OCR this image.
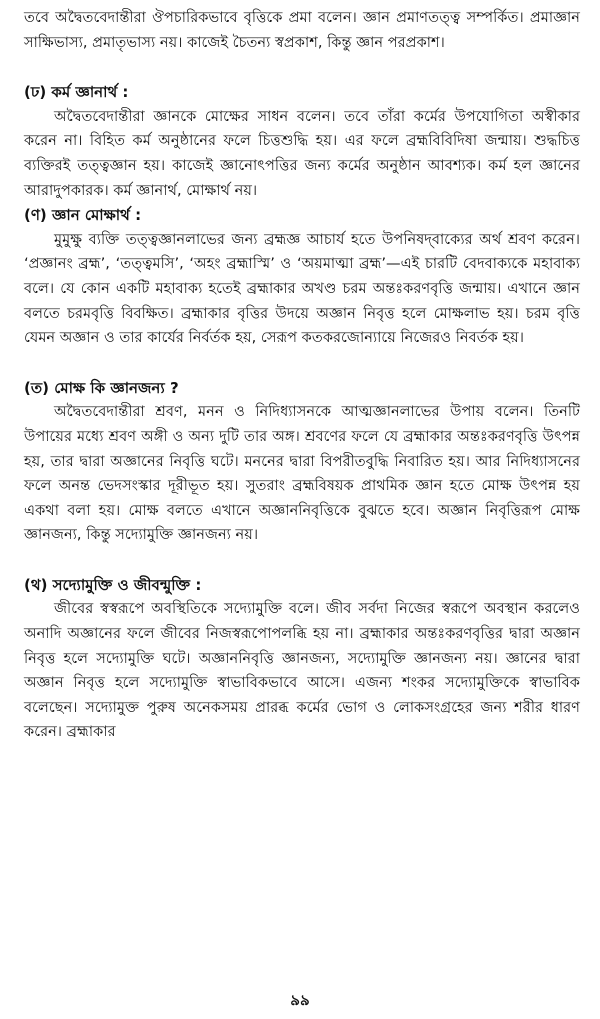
তবে অদ্বৈতবেদান্তীরা ঔপচারিকভাবে বৃত্তিকে প্রমা বলেন। জ্ঞান প্রমাণতত্ত্ব সম্পর্কিত। প্রমাজ্ঞান সাক্ষিভাস্য, প্রমাতৃভাস্য নয়। কাজেই চৈতন্য স্বপ্রকাশ, কিন্তু জ্ঞান পরপ্রকাশ।

(ঢ) কর্ম জ্ঞানার্থ :

অদ্বৈতবেদান্তীরা জ্ঞানকে মোক্ষের সাধন বলেন। তবে তাঁরা কর্মের উপযোগিতা অস্বীকার করেন না। বিহিত কর্ম অনুষ্ঠানের ফলে চিত্তশুদ্ধি হয়। এর ফলে ব্রহ্মবিবিদিষা জন্মায়। শুদ্ধচিত্ত ব্যক্তিরই তত্ত্বজ্ঞান হয়। কাজেই জ্ঞানোৎপত্তির জন্য কর্মের অনুষ্ঠান আবশ্যক। কর্ম হল জ্ঞানের আরাদুপকারক। কর্ম জ্ঞানার্থ, মোক্ষার্থ নয়।

(ণ) জ্ঞান মোক্ষার্থ :

মুমুক্ষু ব্যক্তি তত্ত্বজ্ঞানলাভের জন্য ব্রহ্মজ্ঞ আচার্য হতে উপনিষদ্‌বাক্যের অর্থ শ্রবণ করেন। ‘প্রজ্ঞানং ব্রহ্ম’, ‘তত্ত্বমসি’, ‘অহং ব্রহ্মাস্মি’ ও ‘অয়মাত্মা ব্রহ্ম’—এই চারটি বেদবাক্যকে মহাবাক্য বলে। যে কোন একটি মহাবাক্য হতেই ব্রহ্মাকার অখণ্ড চরম অন্তঃকরণবৃত্তি জন্মায়। এখানে জ্ঞান বলতে চরমবৃত্তি বিবক্ষিত। ব্রহ্মাকার বৃত্তির উদয়ে অজ্ঞান নিবৃত্ত হলে মোক্ষলাভ হয়। চরম বৃত্তি যেমন অজ্ঞান ও তার কার্যের নির্বর্তক হয়, সেরূপ কতকরজোন্যায়ে নিজেরও নিবর্তক হয়।

(ত) মোক্ষ কি জ্ঞানজন্য ?

অদ্বৈতবেদান্তীরা শ্রবণ, মনন ও নিদিধ্যাসনকে আত্মজ্ঞানলাভের উপায় বলেন। তিনটি উপায়ের মধ্যে শ্রবণ অঙ্গী ও অন্য দুটি তার অঙ্গ। শ্রবণের ফলে যে ব্রহ্মাকার অন্তঃকরণবৃত্তি উৎপন্ন হয়, তার দ্বারা অজ্ঞানের নিবৃত্তি ঘটে। মননের দ্বারা বিপরীতবুদ্ধি নিবারিত হয়। আর নিদিধ্যাসনের ফলে অনন্ত ভেদসংস্কার দূরীভূত হয়। সুতরাং ব্রহ্মবিষয়ক প্রাথমিক জ্ঞান হতে মোক্ষ উৎপন্ন হয় একথা বলা হয়। মোক্ষ বলতে এখানে অজ্ঞাননিবৃত্তিকে বুঝতে হবে। অজ্ঞান নিবৃত্তিরূপ মোক্ষ জ্ঞানজন্য, কিন্তু সদ্যোমুক্তি জ্ঞানজন্য নয়।

(থ) সদ্যোমুক্তি ও জীবন্মুক্তি :

জীবের স্বস্বরূপে অবস্থিতিকে সদ্যোমুক্তি বলে। জীব সর্বদা নিজের স্বরূপে অবস্থান করলেও অনাদি অজ্ঞানের ফলে জীবের নিজস্বরূপোপলব্ধি হয় না। ব্রহ্মাকার অন্তঃকরণবৃত্তির দ্বারা অজ্ঞান নিবৃত্ত হলে সদ্যোমুক্তি ঘটে। অজ্ঞাননিবৃত্তি জ্ঞানজন্য, সদ্যোমুক্তি জ্ঞানজন্য নয়। জ্ঞানের দ্বারা অজ্ঞান নিবৃত্ত হলে সদ্যোমুক্তি স্বাভাবিকভাবে আসে। এজন্য শংকর সদ্যোমুক্তিকে স্বাভাবিক বলেছেন। সদ্যোমুক্ত পুরুষ অনেকসময় প্রারব্ধ কর্মের ভোগ ও লোকসংগ্রহের জন্য শরীর ধারণ করেন। ব্রহ্মাকার

৯৯
